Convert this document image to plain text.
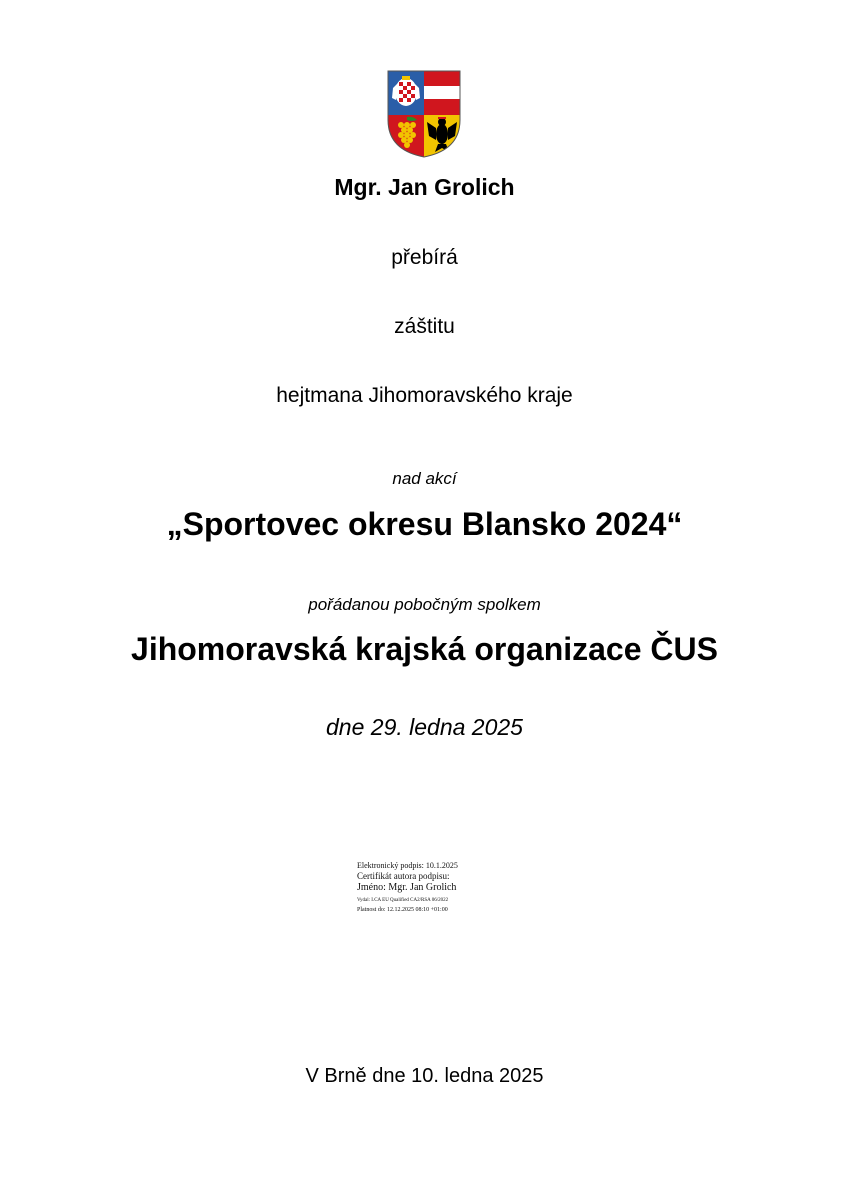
Mgr. Jan Grolich
přebírá
záštitu
hejtmana Jihomoravského kraje
nad akcí
„Sportovec okresu Blansko 2024“
pořádanou pobočným spolkem
Jihomoravská krajská organizace ČUS
dne 29. ledna 2025
Elektronický podpis: 10.1.2025
Certifikát autora podpisu:
Jméno: Mgr. Jan Grolich
Vydal: I.CA EU Qualified CA2/RSA 06/2022
Platnost do: 12.12.2025 08:10 +01:00
V Brně dne 10. ledna 2025
